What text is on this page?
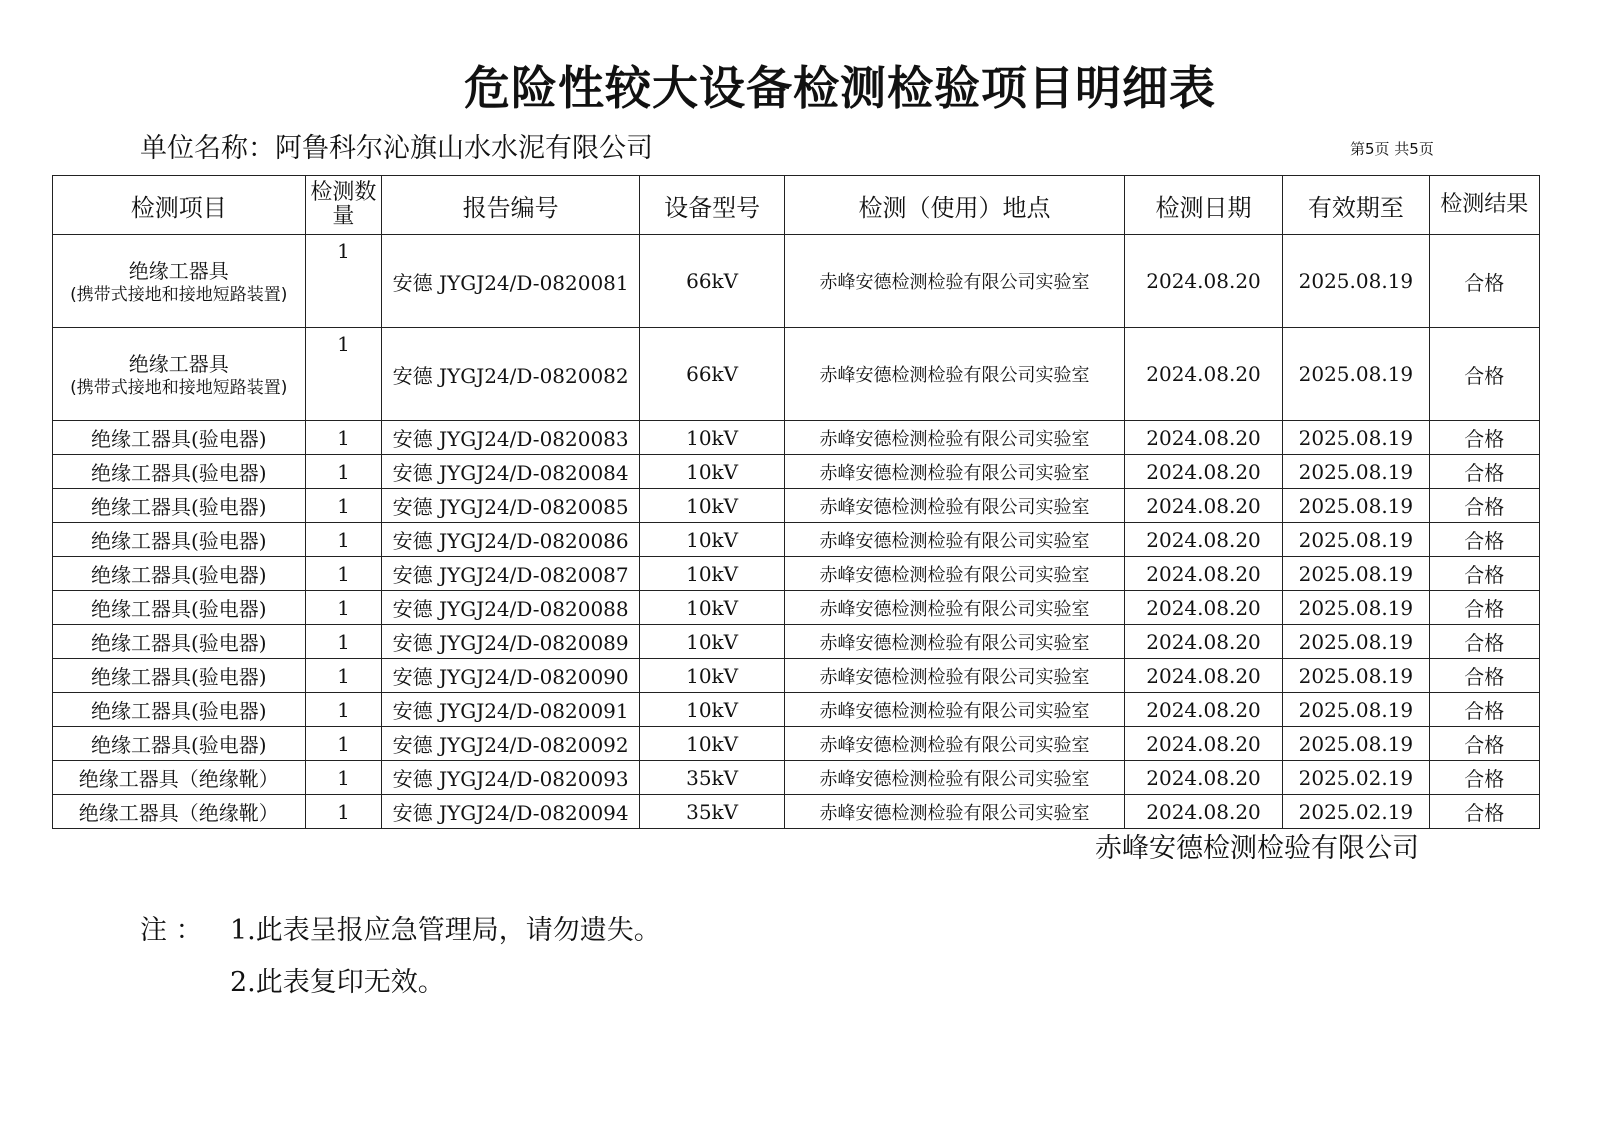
危险性较大设备检测检验项目明细表
单位名称：阿鲁科尔沁旗山水水泥有限公司	第5页 共5页
检测项目	检测数量	报告编号	设备型号	检测（使用）地点	检测日期	有效期至	检测结果

绝缘工器具
(携带式接地和接地短路装置)	1	安德 JYGJ24/D-0820081	66kV	赤峰安德检测检验有限公司实验室	2024.08.20	2025.08.19	合格

绝缘工器具
(携带式接地和接地短路装置)	1	安德 JYGJ24/D-0820082	66kV	赤峰安德检测检验有限公司实验室	2024.08.20	2025.08.19	合格
绝缘工器具(验电器)	1	安德 JYGJ24/D-0820083	10kV	赤峰安德检测检验有限公司实验室	2024.08.20	2025.08.19	合格
绝缘工器具(验电器)	1	安德 JYGJ24/D-0820084	10kV	赤峰安德检测检验有限公司实验室	2024.08.20	2025.08.19	合格
绝缘工器具(验电器)	1	安德 JYGJ24/D-0820085	10kV	赤峰安德检测检验有限公司实验室	2024.08.20	2025.08.19	合格
绝缘工器具(验电器)	1	安德 JYGJ24/D-0820086	10kV	赤峰安德检测检验有限公司实验室	2024.08.20	2025.08.19	合格
绝缘工器具(验电器)	1	安德 JYGJ24/D-0820087	10kV	赤峰安德检测检验有限公司实验室	2024.08.20	2025.08.19	合格
绝缘工器具(验电器)	1	安德 JYGJ24/D-0820088	10kV	赤峰安德检测检验有限公司实验室	2024.08.20	2025.08.19	合格
绝缘工器具(验电器)	1	安德 JYGJ24/D-0820089	10kV	赤峰安德检测检验有限公司实验室	2024.08.20	2025.08.19	合格
绝缘工器具(验电器)	1	安德 JYGJ24/D-0820090	10kV	赤峰安德检测检验有限公司实验室	2024.08.20	2025.08.19	合格
绝缘工器具(验电器)	1	安德 JYGJ24/D-0820091	10kV	赤峰安德检测检验有限公司实验室	2024.08.20	2025.08.19	合格
绝缘工器具(验电器)	1	安德 JYGJ24/D-0820092	10kV	赤峰安德检测检验有限公司实验室	2024.08.20	2025.08.19	合格
绝缘工器具（绝缘靴）	1	安德 JYGJ24/D-0820093	35kV	赤峰安德检测检验有限公司实验室	2024.08.20	2025.02.19	合格
绝缘工器具（绝缘靴）	1	安德 JYGJ24/D-0820094	35kV	赤峰安德检测检验有限公司实验室	2024.08.20	2025.02.19	合格
赤峰安德检测检验有限公司
注 ： 1.此表呈报应急管理局，请勿遗失。
2.此表复印无效。
